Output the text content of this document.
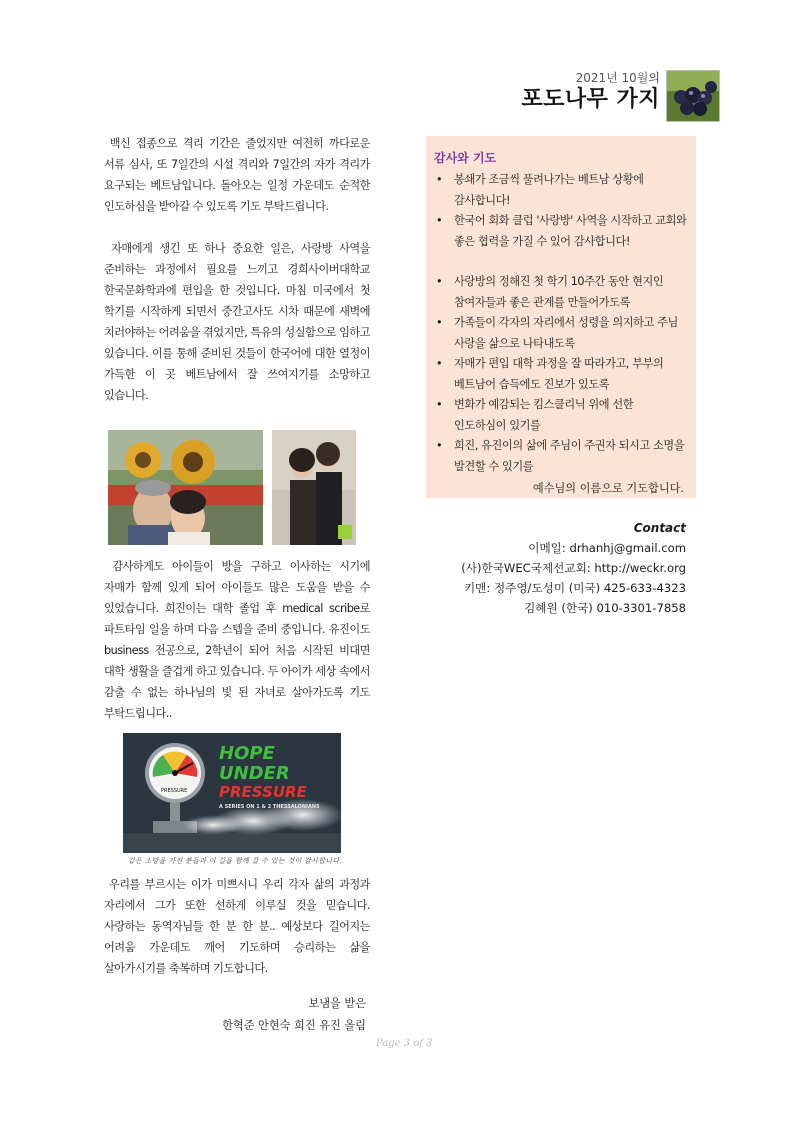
2021년 10월의
포도나무 가지

백신 접종으로 격리 기간은 줄었지만 여전히 까다로운 서류 심사, 또 7일간의 시설 격리와 7일간의 자가 격리가 요구되는 베트남입니다. 돌아오는 일정 가운데도 순적한 인도하심을 받아갈 수 있도록 기도 부탁드립니다.

자매에게 생긴 또 하나 중요한 일은, 사랑방 사역을 준비하는 과정에서 필요를 느끼고 경희사이버대학교 한국문화학과에 편입을 한 것입니다. 마침 미국에서 첫 학기를 시작하게 되면서 중간고사도 시차 때문에 새벽에 치러야하는 어려움을 겪었지만, 특유의 성실함으로 임하고 있습니다. 이를 통해 준비된 것들이 한국어에 대한 열정이 가득한 이 곳 베트남에서 잘 쓰여지기를 소망하고 있습니다.

감사하게도 아이들이 방을 구하고 이사하는 시기에 자매가 함께 있게 되어 아이들도 많은 도움을 받을 수 있었습니다. 희진이는 대학 졸업 후 medical scribe로 파트타임 일을 하며 다음 스텝을 준비 중입니다. 유진이도 business 전공으로, 2학년이 되어 처음 시작된 비대면 대학 생활을 즐겁게 하고 있습니다. 두 아이가 세상 속에서 감출 수 없는 하나님의 빛 된 자녀로 살아가도록 기도 부탁드립니다..

PRESSURE
HOPE
UNDER
PRESSURE
A SERIES ON 1 & 2 THESSALONIANS
같은 소망을 가진 분들과 이 길을 함께 갈 수 있는 것이 감사합니다.

우리를 부르시는 이가 미쁘시니 우리 각자 삶의 과정과 자리에서 그가 또한 선하게 이루실 것을 믿습니다. 사랑하는 동역자님들 한 분 한 분.. 예상보다 길어지는 어려움 가운데도 깨어 기도하며 승리하는 삶을 살아가시기를 축복하며 기도합니다.

보냄을 받은
한혁준 안현숙 희진 유진 올림
Page 3 of 3
감사와 기도
• 봉쇄가 조금씩 풀려나가는 베트남 상황에 감사합니다!
• 한국어 회화 클럽 '사랑방' 사역을 시작하고 교회와 좋은 협력을 가질 수 있어 감사합니다!
• 사랑방의 정해진 첫 학기 10주간 동안 현지인 참여자들과 좋은 관계를 만들어가도록
• 가족들이 각자의 자리에서 성령을 의지하고 주님 사랑을 삶으로 나타내도록
• 자매가 편입 대학 과정을 잘 따라가고, 부부의 베트남어 습득에도 진보가 있도록
• 변화가 예감되는 킴스클리닉 위에 선한 인도하심이 있기를
• 희진, 유진이의 삶에 주님이 주권자 되시고 소명을 발견할 수 있기를
예수님의 이름으로 기도합니다.
Contact
이메일: drhanhj@gmail.com
(사)한국WEC국제선교회: http://weckr.org
키맨: 정주영/도성미 (미국) 425-633-4323
김혜원 (한국) 010-3301-7858
